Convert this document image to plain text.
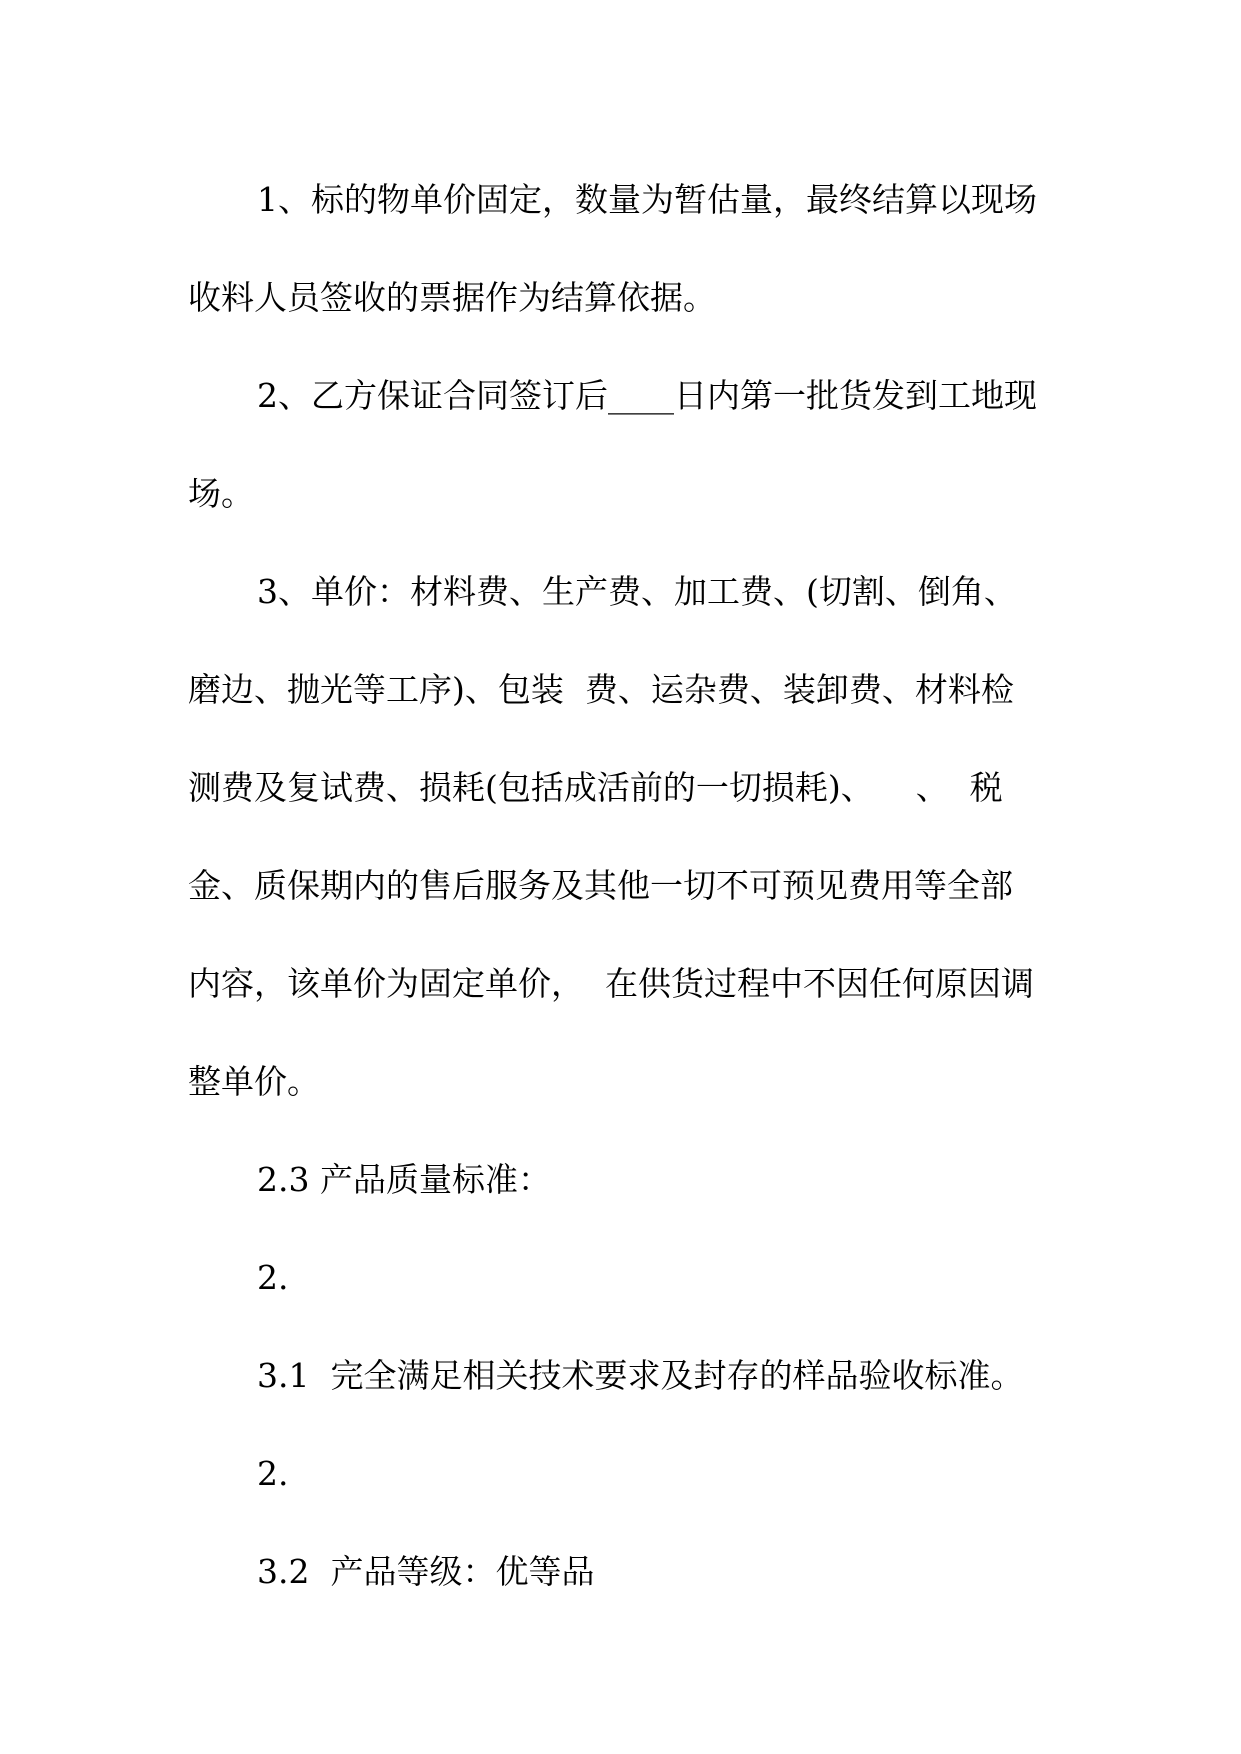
1、标的物单价固定，数量为暂估量，最终结算以现场
收料人员签收的票据作为结算依据。
2、乙方保证合同签订后____日内第一批货发到工地现
场。
3、单价：材料费、生产费、加工费、(切割、倒角、
磨边、抛光等工序)、包装  费、运杂费、装卸费、材料检
测费及复试费、损耗(包括成活前的一切损耗)、    、  税
金、质保期内的售后服务及其他一切不可预见费用等全部
内容，该单价为固定单价，  在供货过程中不因任何原因调
整单价。
2.3 产品质量标准：
2.
3.1  完全满足相关技术要求及封存的样品验收标准。
2.
3.2  产品等级：优等品
